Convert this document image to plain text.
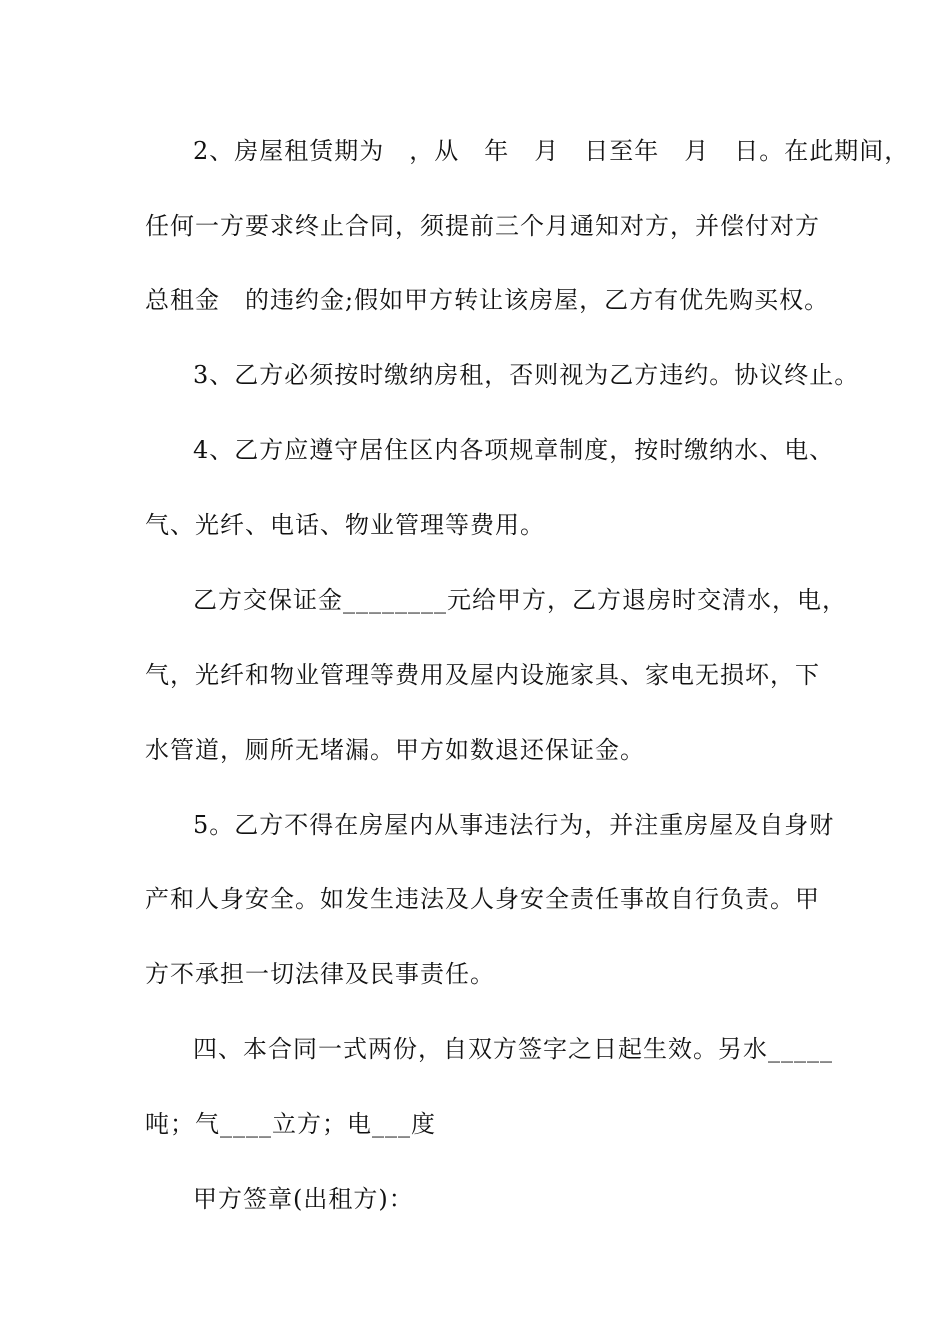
2、房屋租赁期为　，从　年　月　日至年　月　日。在此期间，
任何一方要求终止合同，须提前三个月通知对方，并偿付对方
总租金　的违约金;假如甲方转让该房屋，乙方有优先购买权。
3、乙方必须按时缴纳房租，否则视为乙方违约。协议终止。
4、乙方应遵守居住区内各项规章制度，按时缴纳水、电、
气、光纤、电话、物业管理等费用。
乙方交保证金________元给甲方，乙方退房时交清水，电，
气，光纤和物业管理等费用及屋内设施家具、家电无损坏，下
水管道，厕所无堵漏。甲方如数退还保证金。
5。乙方不得在房屋内从事违法行为，并注重房屋及自身财
产和人身安全。如发生违法及人身安全责任事故自行负责。甲
方不承担一切法律及民事责任。
四、本合同一式两份，自双方签字之日起生效。另水_____
吨；气____立方；电___度
甲方签章(出租方)：
